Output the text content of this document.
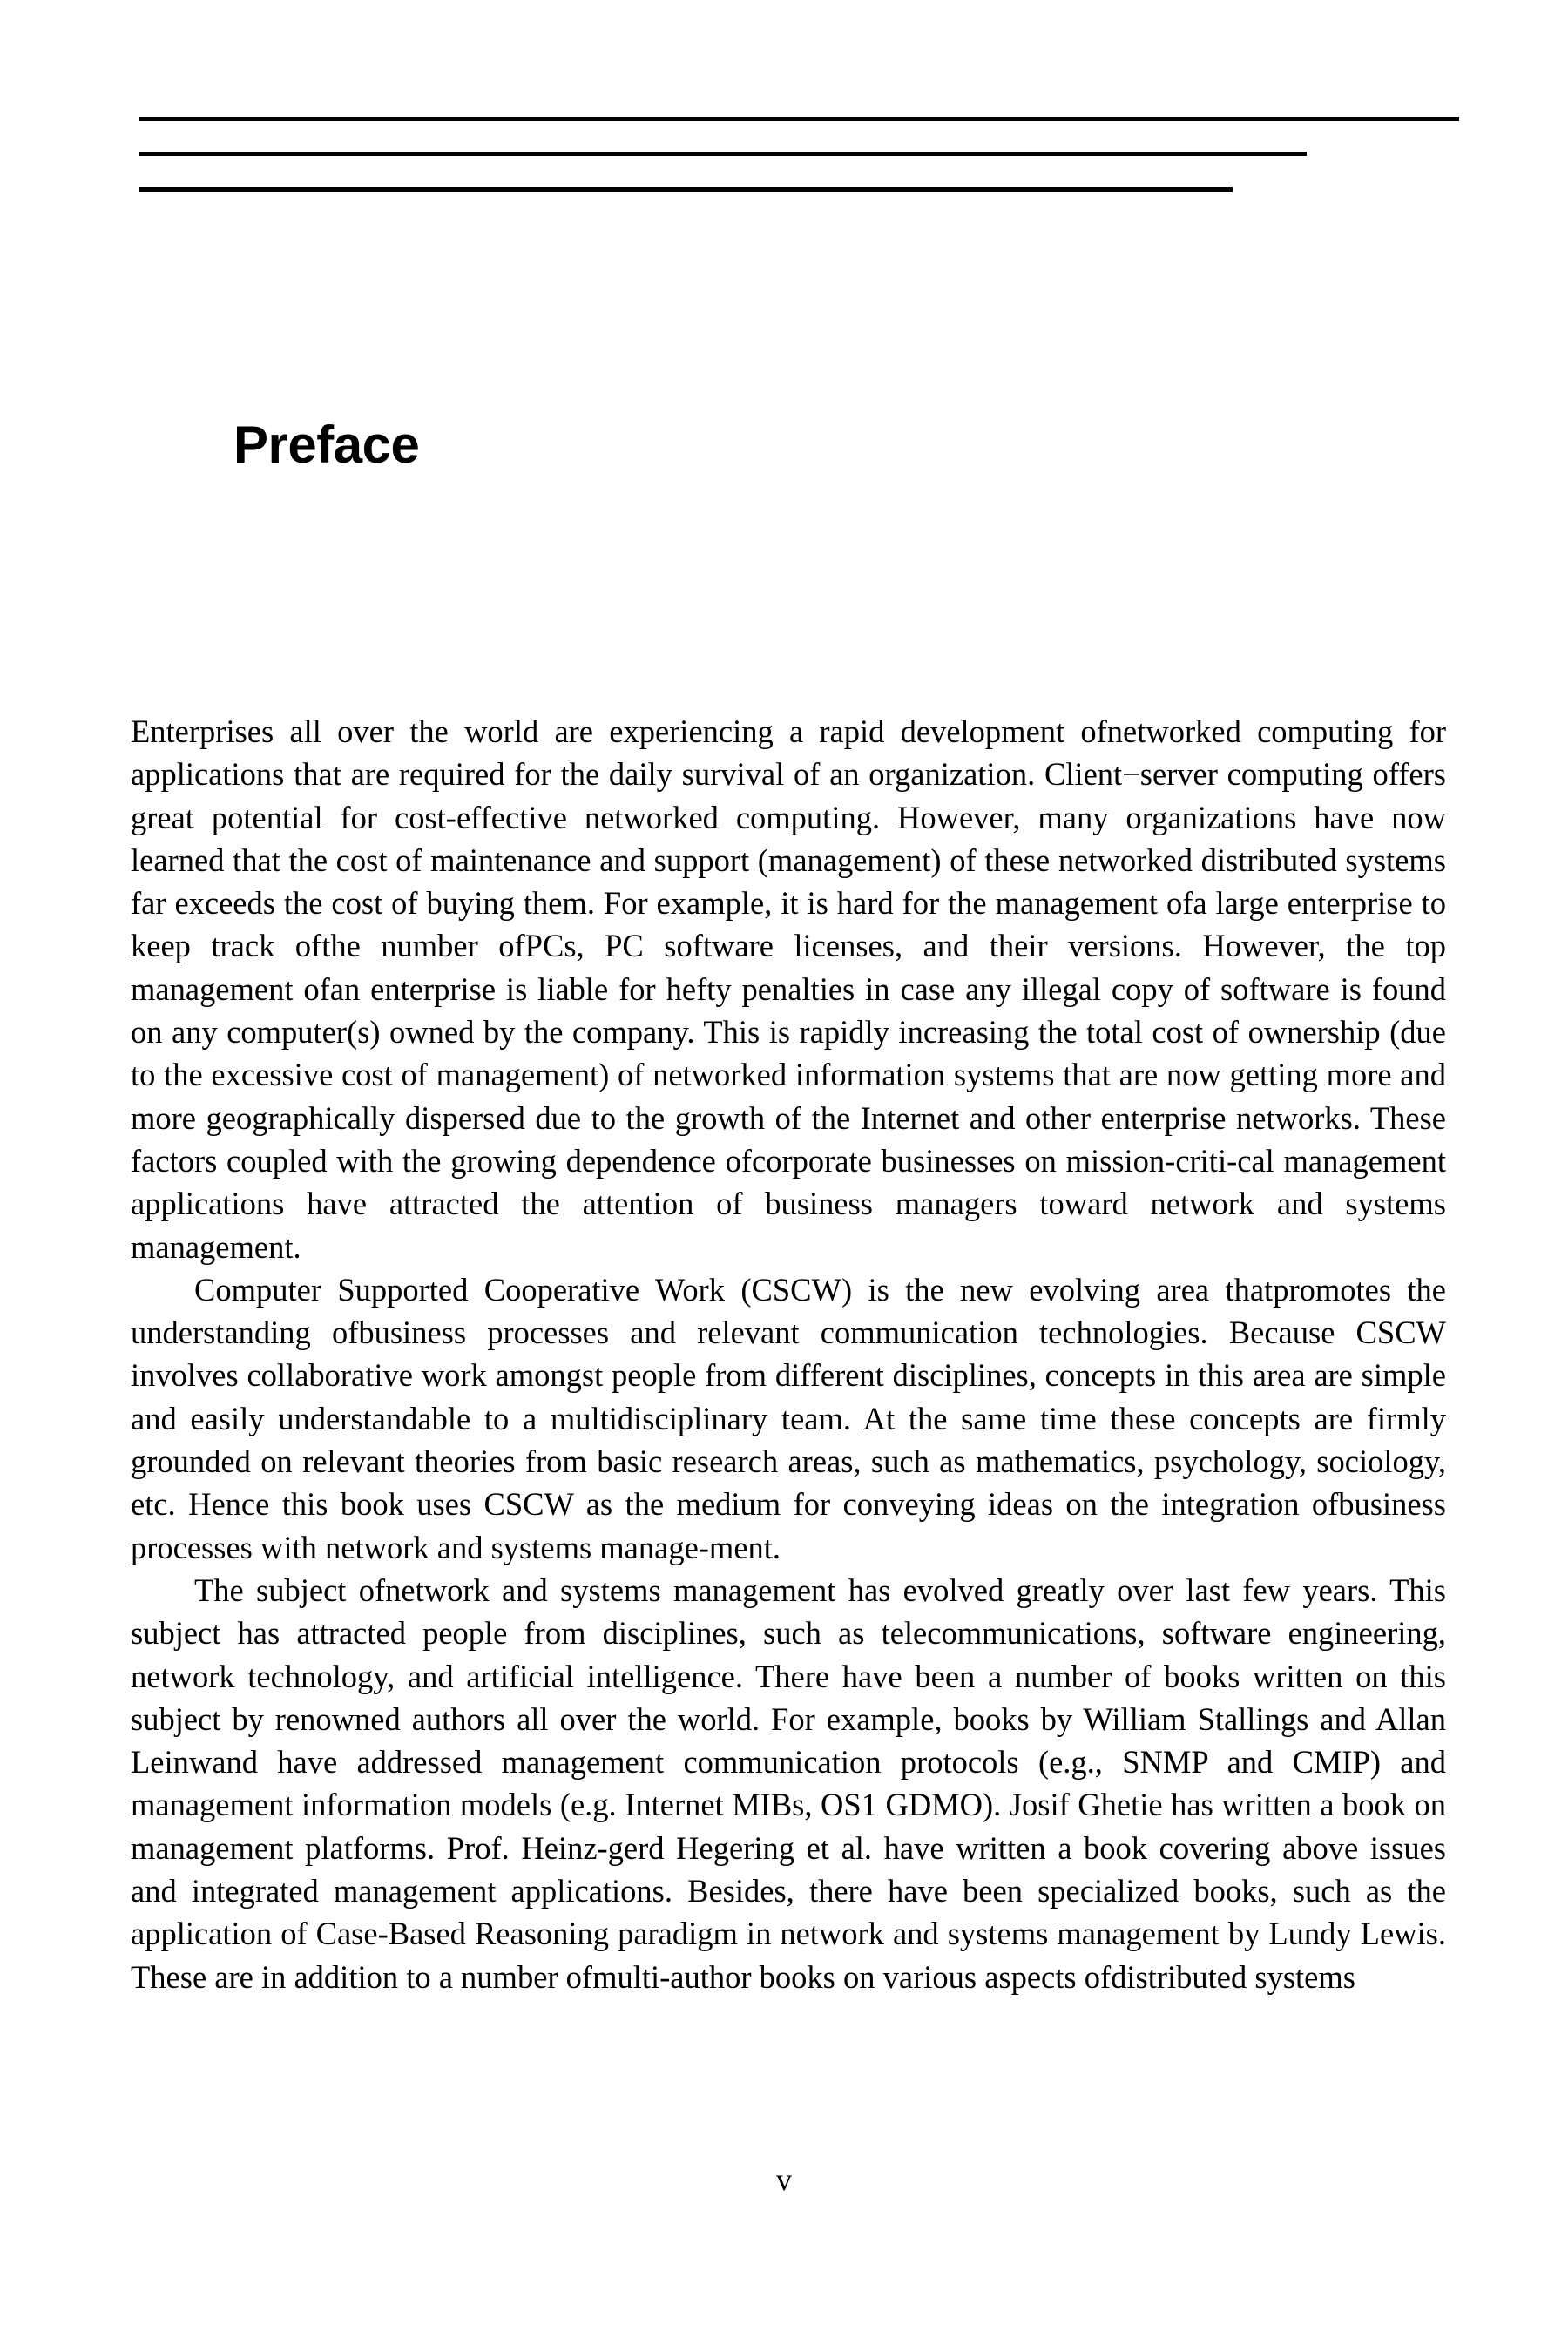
Preface

Enterprises all over the world are experiencing a rapid development ofnetworked computing for applications that are required for the daily survival of an organization. Client−server computing offers great potential for cost-effective networked computing. However, many organizations have now learned that the cost of maintenance and support (management) of these networked distributed systems far exceeds the cost of buying them. For example, it is hard for the management ofa large enterprise to keep track ofthe number ofPCs, PC software licenses, and their versions. However, the top management ofan enterprise is liable for hefty penalties in case any illegal copy of software is found on any computer(s) owned by the company. This is rapidly increasing the total cost of ownership (due to the excessive cost of management) of networked information systems that are now getting more and more geographically dispersed due to the growth of the Internet and other enterprise networks. These factors coupled with the growing dependence ofcorporate businesses on mission-criti-cal management applications have attracted the attention of business managers toward network and systems management.

Computer Supported Cooperative Work (CSCW) is the new evolving area thatpromotes the understanding ofbusiness processes and relevant communication technologies. Because CSCW involves collaborative work amongst people from different disciplines, concepts in this area are simple and easily understandable to a multidisciplinary team. At the same time these concepts are firmly grounded on relevant theories from basic research areas, such as mathematics, psychology, sociology, etc. Hence this book uses CSCW as the medium for conveying ideas on the integration ofbusiness processes with network and systems manage-ment.

The subject ofnetwork and systems management has evolved greatly over last few years. This subject has attracted people from disciplines, such as telecommunications, software engineering, network technology, and artificial intelligence. There have been a number of books written on this subject by renowned authors all over the world. For example, books by William Stallings and Allan Leinwand have addressed management communication protocols (e.g., SNMP and CMIP) and management information models (e.g. Internet MIBs, OS1 GDMO). Josif Ghetie has written a book on management platforms. Prof. Heinz-gerd Hegering et al. have written a book covering above issues and integrated management applications. Besides, there have been specialized books, such as the application of Case-Based Reasoning paradigm in network and systems management by Lundy Lewis. These are in addition to a number ofmulti-author books on various aspects ofdistributed systems

v
